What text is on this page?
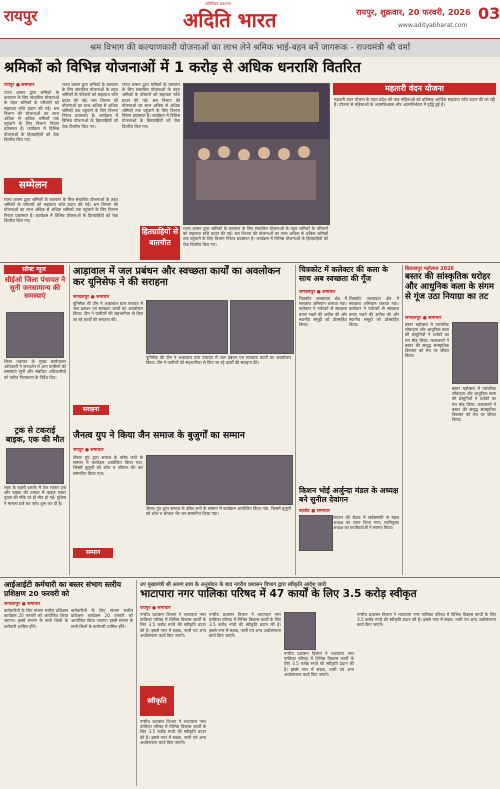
रायपुर
अतिरिक्त प्रकाशन
अदिति भारत	रायपुर, शुक्रवार, 20 फरवरी, 2026
www.adityabharat.com
03
श्रम विभाग की कल्याणकारी योजनाओं का लाभ लेने श्रमिक भाई-बहन बनें जागरूक - राज्यमंत्री श्री वर्मा
श्रमिकों को विभिन्न योजनाओं में 1 करोड़ से अधिक धनराशि वितरित
रायपुर ● समाचार
राज्य शासन द्वारा श्रमिकों के कल्याण के लिए संचालित योजनाओं के तहत श्रमिकों के परिवारों को सहायता राशि प्रदान की गई। श्रम विभाग की योजनाओं का लाभ अधिक से अधिक श्रमिकों तक पहुंचाने के लिए विभाग निरंतर प्रयासरत है। कार्यक्रम में विभिन्न योजनाओं के हितग्राहियों को चेक वितरित किए गए।
राज्य शासन द्वारा श्रमिकों के कल्याण के लिए संचालित योजनाओं के तहत श्रमिकों के परिवारों को सहायता राशि प्रदान की गई। श्रम विभाग की योजनाओं का लाभ अधिक से अधिक श्रमिकों तक पहुंचाने के लिए विभाग निरंतर प्रयासरत है। कार्यक्रम में विभिन्न योजनाओं के हितग्राहियों को चेक वितरित किए गए।
राज्य शासन द्वारा श्रमिकों के कल्याण के लिए संचालित योजनाओं के तहत श्रमिकों के परिवारों को सहायता राशि प्रदान की गई। श्रम विभाग की योजनाओं का लाभ अधिक से अधिक श्रमिकों तक पहुंचाने के लिए विभाग निरंतर प्रयासरत है। कार्यक्रम में विभिन्न योजनाओं के हितग्राहियों को चेक वितरित किए गए।
सम्मेलन
राज्य शासन द्वारा श्रमिकों के कल्याण के लिए संचालित योजनाओं के तहत श्रमिकों के परिवारों को सहायता राशि प्रदान की गई। श्रम विभाग की योजनाओं का लाभ अधिक से अधिक श्रमिकों तक पहुंचाने के लिए विभाग निरंतर प्रयासरत है। कार्यक्रम में विभिन्न योजनाओं के हितग्राहियों को चेक वितरित किए गए।
हितग्राहियों से बातचीत
राज्य शासन द्वारा श्रमिकों के कल्याण के लिए संचालित योजनाओं के तहत श्रमिकों के परिवारों को सहायता राशि प्रदान की गई। श्रम विभाग की योजनाओं का लाभ अधिक से अधिक श्रमिकों तक पहुंचाने के लिए विभाग निरंतर प्रयासरत है। कार्यक्रम में विभिन्न योजनाओं के हितग्राहियों को चेक वितरित किए गए।
महतारी वंदन योजना
महतारी वंदन योजना के तहत प्रदेश की पात्र महिलाओं को प्रतिमाह आर्थिक सहायता राशि प्रदान की जा रही है। योजना से महिलाओं के आत्मविश्वास और आत्मनिर्भरता में वृद्धि हुई है।
सॉफ्ट न्यूज
सीईओ जिला पंचायत ने सुनी जनसामान्य की समस्याएं
जिला पंचायत के मुख्य कार्यपालन अधिकारी ने जनदर्शन में आए ग्रामीणों की समस्याएं सुनीं और संबंधित अधिकारियों को त्वरित निराकरण के निर्देश दिए।
ट्रक से टकराई बाइक, एक की मौत
शहर के बाहरी इलाके में तेज रफ्तार ट्रक और बाइक की टक्कर में बाइक सवार युवक की मौके पर ही मौत हो गई। पुलिस ने मामला दर्ज कर जांच शुरू कर दी है।
आड़ावाल में जल प्रबंधन और स्वच्छता कार्यों का अवलोकन कर यूनिसेफ ने की सराहना
जगदलपुर ● समाचार
यूनिसेफ की टीम ने आड़ावाल ग्राम पंचायत में जल प्रबंधन एवं स्वच्छता कार्यों का अवलोकन किया। टीम ने ग्रामीणों की सहभागिता से किए जा रहे कार्यों की सराहना की।
सराहना
यूनिसेफ की टीम ने आड़ावाल ग्राम पंचायत में जल प्रबंधन एवं स्वच्छता कार्यों का अवलोकन किया। टीम ने ग्रामीणों की सहभागिता से किए जा रहे कार्यों की सराहना की।
जैनत्व युप ने किया जैन समाज के बुजुर्गों का सम्मान
रायपुर ● समाचार
जैनत्व युप द्वारा समाज के वरिष्ठ जनों के सम्मान में कार्यक्रम आयोजित किया गया, जिसमें बुजुर्गों को शॉल व श्रीफल भेंट कर सम्मानित किया गया।
सम्मान
जैनत्व युप द्वारा समाज के वरिष्ठ जनों के सम्मान में कार्यक्रम आयोजित किया गया, जिसमें बुजुर्गों को शॉल व श्रीफल भेंट कर सम्मानित किया गया।
चित्रकोट में कलेक्टर की कला के साथ अब स्वच्छता की गूँज
जगदलपुर ● समाचार
चित्रकोट जलप्रपात क्षेत्र में स्वच्छता अभियान चलाया गया। कलेक्टर ने पर्यटकों से स्वच्छता बनाए रखने की अपील की और स्थानीय समूहों को प्रोत्साहित किया।
चित्रकोट जलप्रपात क्षेत्र में स्वच्छता अभियान चलाया गया। कलेक्टर ने पर्यटकों से स्वच्छता बनाए रखने की अपील की और स्थानीय समूहों को प्रोत्साहित किया।
किशन भोई अर्जुन्दा मंडल के अध्यक्ष बने सुनील देवांगन
बालोद ● समाचार
संगठन की बैठक में सर्वसम्मति से मंडल अध्यक्ष का चयन किया गया। नवनियुक्त अध्यक्ष का कार्यकर्ताओं ने स्वागत किया।
बिलासपुर महोत्सव 2026
बस्तर की सांस्कृतिक धरोहर और आधुनिक कला के संगम से गूंज उठा नियाग्रा का तट
जगदलपुर ● समाचार
बस्तर महोत्सव में पारंपरिक लोकनृत्य और आधुनिक कला की प्रस्तुतियों ने दर्शकों का मन मोह लिया। कलाकारों ने बस्तर की समृद्ध सांस्कृतिक विरासत को मंच पर जीवंत किया।
बस्तर महोत्सव में पारंपरिक लोकनृत्य और आधुनिक कला की प्रस्तुतियों ने दर्शकों का मन मोह लिया। कलाकारों ने बस्तर की समृद्ध सांस्कृतिक विरासत को मंच पर जीवंत किया।
आईआईटी कर्मचारी का बस्तर संभाग स्तरीय प्रशिक्षण 20 फरवरी को
जगदलपुर ● समाचार
कर्मचारियों के लिए संभाग स्तरीय प्रशिक्षण कार्यक्रम 20 फरवरी को आयोजित किया जाएगा। इसमें संभाग के सभी जिलों के कर्मचारी शामिल होंगे।
कर्मचारियों के लिए संभाग स्तरीय प्रशिक्षण कार्यक्रम 20 फरवरी को आयोजित किया जाएगा। इसमें संभाग के सभी जिलों के कर्मचारी शामिल होंगे।
उप मुख्यमंत्री श्री अरुण साव के अनुमोदन के बाद नगरीय प्रशासन विभाग द्वारा स्वीकृति आदेश जारी
भाटापारा नगर पालिका परिषद में 47 कार्यों के लिए 3.5 करोड़ स्वीकृत
रायपुर ● समाचार
नगरीय प्रशासन विभाग ने भाटापारा नगर पालिका परिषद में विभिन्न विकास कार्यों के लिए 3.5 करोड़ रुपये की स्वीकृति प्रदान की है। इससे नगर में सड़क, नाली एवं अन्य अधोसंरचना कार्य किए जाएंगे।
स्वीकृति
नगरीय प्रशासन विभाग ने भाटापारा नगर पालिका परिषद में विभिन्न विकास कार्यों के लिए 3.5 करोड़ रुपये की स्वीकृति प्रदान की है। इससे नगर में सड़क, नाली एवं अन्य अधोसंरचना कार्य किए जाएंगे।
नगरीय प्रशासन विभाग ने भाटापारा नगर पालिका परिषद में विभिन्न विकास कार्यों के लिए 3.5 करोड़ रुपये की स्वीकृति प्रदान की है। इससे नगर में सड़क, नाली एवं अन्य अधोसंरचना कार्य किए जाएंगे।
नगरीय प्रशासन विभाग ने भाटापारा नगर पालिका परिषद में विभिन्न विकास कार्यों के लिए 3.5 करोड़ रुपये की स्वीकृति प्रदान की है। इससे नगर में सड़क, नाली एवं अन्य अधोसंरचना कार्य किए जाएंगे।
नगरीय प्रशासन विभाग ने भाटापारा नगर पालिका परिषद में विभिन्न विकास कार्यों के लिए 3.5 करोड़ रुपये की स्वीकृति प्रदान की है। इससे नगर में सड़क, नाली एवं अन्य अधोसंरचना कार्य किए जाएंगे।
